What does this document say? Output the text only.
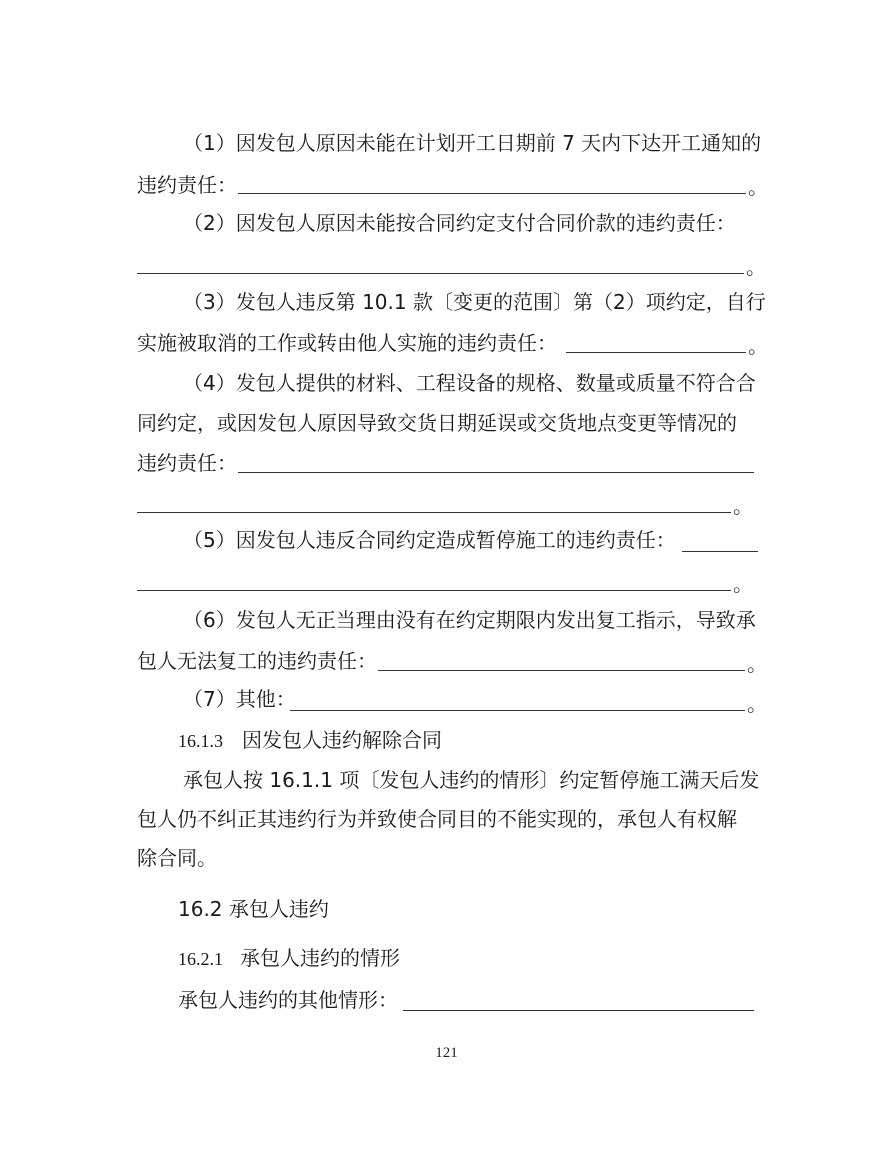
（1）因发包人原因未能在计划开工日期前 7 天内下达开工通知的
违约责任：	。
（2）因发包人原因未能按合同约定支付合同价款的违约责任：
。
（3）发包人违反第 10.1 款〔变更的范围〕第（2）项约定，自行
实施被取消的工作或转由他人实施的违约责任：	。
（4）发包人提供的材料、工程设备的规格、数量或质量不符合合
同约定，或因发包人原因导致交货日期延误或交货地点变更等情况的
违约责任：
。
（5）因发包人违反合同约定造成暂停施工的违约责任：
。
（6）发包人无正当理由没有在约定期限内发出复工指示，导致承
包人无法复工的违约责任：	。
（7）其他：	。
16.1.3 因发包人违约解除合同
承包人按 16.1.1 项〔发包人违约的情形〕约定暂停施工满天后发
包人仍不纠正其违约行为并致使合同目的不能实现的，承包人有权解
除合同。
16.2 承包人违约
16.2.1 承包人违约的情形
承包人违约的其他情形：
121
